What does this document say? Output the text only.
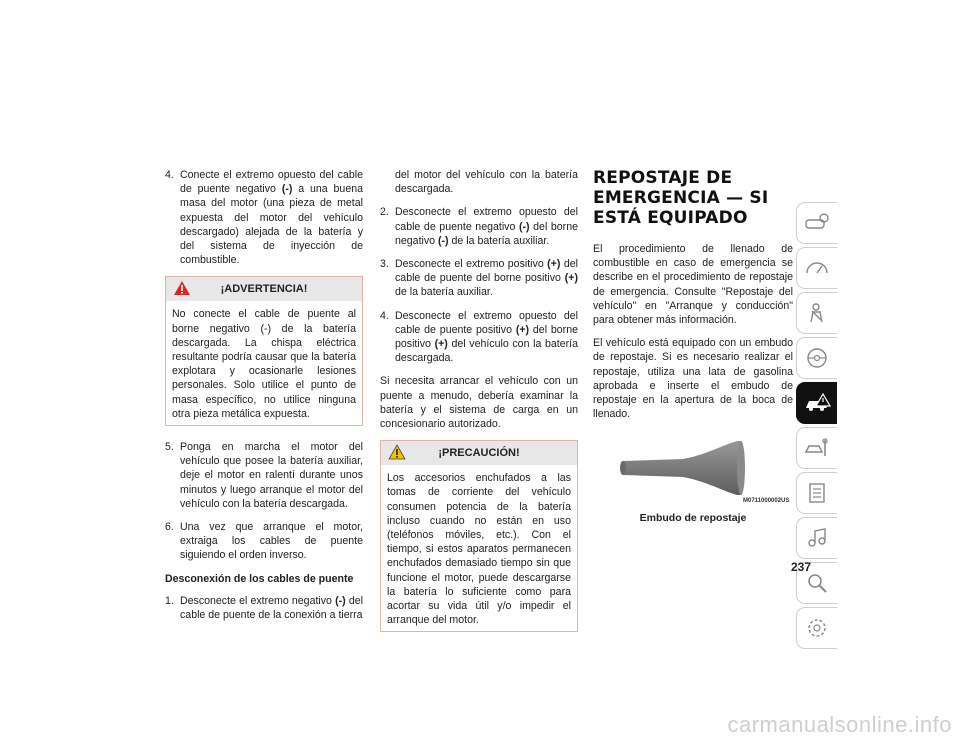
4. Conecte el extremo opuesto del cable de puente negativo (-) a una buena masa del motor (una pieza de metal expuesta del motor del vehículo descargado) alejada de la batería y del sistema de inyección de combustible.
¡ADVERTENCIA!
No conecte el cable de puente al borne negativo (-) de la batería descargada. La chispa eléctrica resultante podría causar que la batería explotara y ocasionarle lesiones personales. Solo utilice el punto de masa específico, no utilice ninguna otra pieza metálica expuesta.
5. Ponga en marcha el motor del vehículo que posee la batería auxiliar, deje el motor en ralentí durante unos minutos y luego arranque el motor del vehículo con la batería descargada.
6. Una vez que arranque el motor, extraiga los cables de puente siguiendo el orden inverso.
Desconexión de los cables de puente
1. Desconecte el extremo negativo (-) del cable de puente de la conexión a tierra
del motor del vehículo con la batería descargada.
2. Desconecte el extremo opuesto del cable de puente negativo (-) del borne negativo (-) de la batería auxiliar.
3. Desconecte el extremo positivo (+) del cable de puente del borne positivo (+) de la batería auxiliar.
4. Desconecte el extremo opuesto del cable de puente positivo (+) del borne positivo (+) del vehículo con la batería descargada.

Si necesita arrancar el vehículo con un puente a menudo, debería examinar la batería y el sistema de carga en un concesionario autorizado.

¡PRECAUCIÓN!
Los accesorios enchufados a las tomas de corriente del vehículo consumen potencia de la batería incluso cuando no están en uso (teléfonos móviles, etc.). Con el tiempo, si estos aparatos permanecen enchufados demasiado tiempo sin que funcione el motor, puede descargarse la batería lo suficiente como para acortar su vida útil y/o impedir el arranque del motor.
REPOSTAJE DE EMERGENCIA — SI ESTÁ EQUIPADO

El procedimiento de llenado de combustible en caso de emergencia se describe en el procedimiento de repostaje de emergencia. Consulte "Repostaje del vehículo" en "Arranque y conducción" para obtener más información.

El vehículo está equipado con un embudo de repostaje. Si es necesario realizar el repostaje, utiliza una lata de gasolina aprobada e inserte el embudo de repostaje en la apertura de la boca de llenado.

M0711000002US
Embudo de repostaje
237
carmanualsonline.info
